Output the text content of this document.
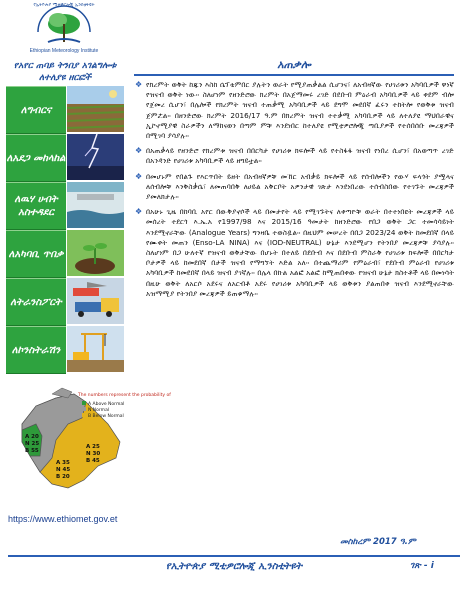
Ethiopian Meteorology Institute
የኢትዮጵያ ሚቲዎሮሎጂ ኢንስቲትዩት
የአየር ጠባይ ትንበያ አገልግሎቱ ለተለያዩ ዘርፎች
ለግብርና
ለአደጋ መከላከል
ለዉሃ ሀብት አስተዳደር
ለአካባቢ ጥበቃ
ለትራንስፖርት
ለኮንስትራሽን
The numbers represent the probability of
A Above Normal
N Normal
B Below Normal
A 20
N 25
B 55
A 35
N 45
B 20
A 25
N 30
B 45
https://www.ethiomet.gov.et
አጠቃሎ
❖ የክረምት ወቅት ከጁን እስከ ሴፕቴምበር ያሉትን ወራት የሚያጠቃልል ሲሆንና፣ ለአብዛኛው የሀገሪቱን አካባቢዎች ዋነኛ የዝናብ ወቅት ነው፡፡ ስለሆነም የዘንድሮው ክረምት በአጀማመሩ ረገድ በደቡብ ምዕራብ አካባቢዎች ላይ ቀደም ብሎ የጀመረ ሲሆን፣ በሌሎች የክረምት ዝናብ ተጠቃሚ አካባቢዎች ላይ ደግሞ መደበኛ ፈሩን ተከትሎ የወቅቱ ዝናብ ጀምሯል፡፡ በዘንድሮው ክረምት 2016/17 ዓ.ም በክረምት ዝናብ ተተቃሚ አካባቢዎች ላይ ለተለያዩ ማህበራዊና ኢኮኖሚያዊ ስራዎችን ለማከናወን በጣም ምቹ እንደነበር ከተለያዩ የሚቲዎሮሎጂ ጣቢያዎች የተሰበሰቡ መረጃዎች በሚገባ ያሳያሉ፡፡
❖ በአጠቃላይ የዘንድሮ የክረምቱ ዝናብ በበርካታ የሀገሪቱ ክፍሎች ላይ የተስፋፋ ዝናብ የነበረ ሲሆን፣ በአወጣጥ ረገድ በአንዳንድ የሀገሪቱ አካባቢዎች ላይ ዘግይቷል፡፡
❖ በመሆኑም የበልጉ የእርጥበት ይዘት በአብዛኛዎቹ መኸር አብቃይ ክፍሎች ላይ የሰብሎችን የውሃ ፍላጎት ያሟላና ለሰብሎቹ እንቅስቃሴ፣ ለመጠባበቅ ለሀይል አቅርቦት አዎንታዊ ገጽታ እንደነበረው ተሰብስበው የተገኙት መረጃዎች ያመለክታሉ፡፡
❖ በአሁኑ ጊዜ በከባቢ አየር በውቅያኖሶች ላይ በመታየት ላይ የሚገኙትና ለቀጣዮቹ ወራት በተተነበዩት መረጃዎች ላይ መሰረት ተደርጎ እ.ኤ.አ የ1997/98 እና 2015/16 ዓመታት ከዘንድሮው የበጋ ወቅት ጋር ተመሳሳይነት እንደሚኖራቸው (Analogue Years) ግንዛቤ ተወስዷል፡፡ በዚህም መሠረት በበጋ 2023/24 ወቅት ከመደበኛ በላይ የሙቀት መጠን (Enso-LA NINA) እና (IOD-NEUTRAL) ሁኔታ እንደሚሆን የትንበያ መረጃዎቹ ያሳያሉ፡፡ ስለሆነም በጋ ሁለተኛ የዝናብ ወቅታቸው በሆኑት በተለይ በደቡብ እና በደቡብ ምስራቅ የሀገሪቱ ክፍሎች በበርካታ ቦታዎች ላይ ከመደበኛ በታች ዝናብ የማግኘት እድል አለ፡፡ በተጨማሪም የምዕራብ፣ የደቡብ ምዕራብ የሀገሪቱ አካባቢዎች ከመደበኛ በላይ ዝናብ ያገኛሉ፡፡ በሌላ በኩል አልፎ አልፎ ከሚጠበቀው የዝናብ ሁኔታ ክስተቶች ላይ በመነሳት በዚሁ ወቅት ለአርሶ አደሩና ለአርብቶ አደሩ የሀገሪቱ አካባቢዎች ላይ ወቅቱን ያልጠበቀ ዝናብ እንደሚኖራቸው አዝማሚያ የትንበያ መረጃዎች ይጠቁማሉ፡፡
መስከረም 2017 ዓ.ም
የኢትዮጵያ ሚቲዎሮሎጂ ኢንስቲትዩት	ገጽ - i
